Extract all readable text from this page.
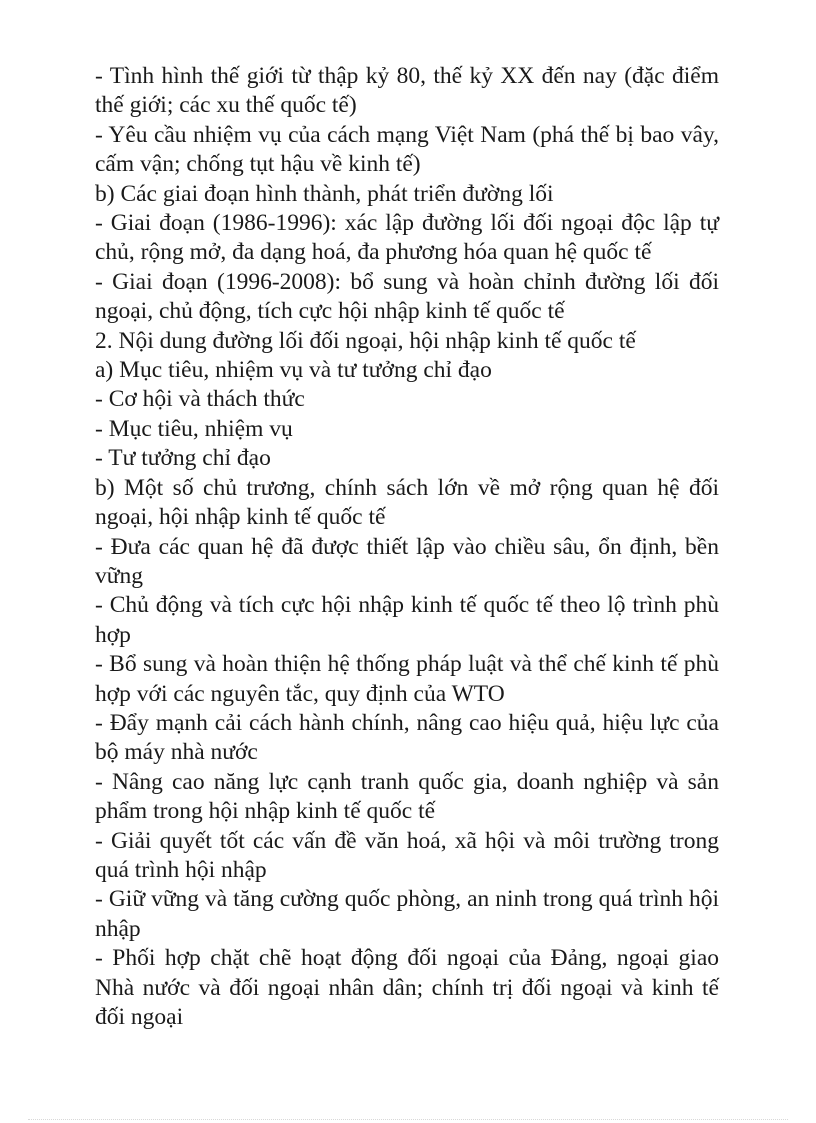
- Tình hình thế giới từ thập kỷ 80, thế kỷ XX đến nay (đặc điểm thế giới; các xu thế quốc tế)

- Yêu cầu nhiệm vụ của cách mạng Việt Nam (phá thế bị bao vây, cấm vận; chống tụt hậu về kinh tế)

b) Các giai đoạn hình thành, phát triển đường lối

- Giai đoạn (1986-1996): xác lập đường lối đối ngoại độc lập tự chủ, rộng mở, đa dạng hoá, đa phương hóa quan hệ quốc tế

- Giai đoạn (1996-2008): bổ sung và hoàn chỉnh đường lối đối ngoại, chủ động, tích cực hội nhập kinh tế quốc tế

2. Nội dung đường lối đối ngoại, hội nhập kinh tế quốc tế

a) Mục tiêu, nhiệm vụ và tư tưởng chỉ đạo

- Cơ hội và thách thức

- Mục tiêu, nhiệm vụ

- Tư tưởng chỉ đạo

b) Một số chủ trương, chính sách lớn về mở rộng quan hệ đối ngoại, hội nhập kinh tế quốc tế

- Đưa các quan hệ đã được thiết lập vào chiều sâu, ổn định, bền vững

- Chủ động và tích cực hội nhập kinh tế quốc tế theo lộ trình phù hợp

- Bổ sung và hoàn thiện hệ thống pháp luật và thể chế kinh tế phù hợp với các nguyên tắc, quy định của WTO

- Đẩy mạnh cải cách hành chính, nâng cao hiệu quả, hiệu lực của bộ máy nhà nước

- Nâng cao năng lực cạnh tranh quốc gia, doanh nghiệp và sản phẩm trong hội nhập kinh tế quốc tế

- Giải quyết tốt các vấn đề văn hoá, xã hội và môi trường trong quá trình hội nhập

- Giữ vững và tăng cường quốc phòng, an ninh trong quá trình hội nhập

- Phối hợp chặt chẽ hoạt động đối ngoại của Đảng, ngoại giao Nhà nước và đối ngoại nhân dân; chính trị đối ngoại và kinh tế đối ngoại
